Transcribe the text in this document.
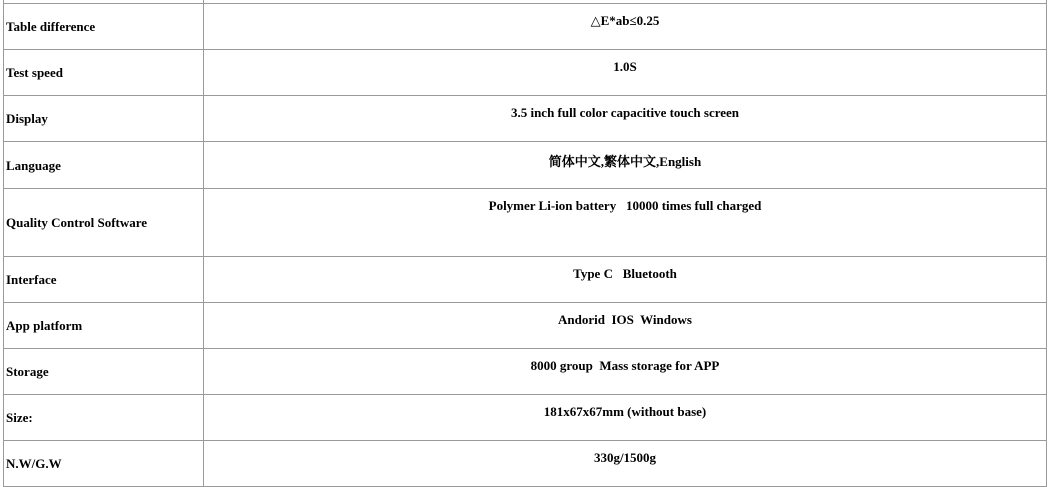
Table difference	△E*ab≤0.25

Test speed	1.0S

Display	3.5 inch full color capacitive touch screen

Language	简体中文,繁体中文,English

Quality Control Software	Polymer Li-ion battery   10000 times full charged

Interface	Type C   Bluetooth

App platform	Andorid  IOS  Windows

Storage	8000 group  Mass storage for APP

Size:	181x67x67mm (without base)

N.W/G.W	330g/1500g
